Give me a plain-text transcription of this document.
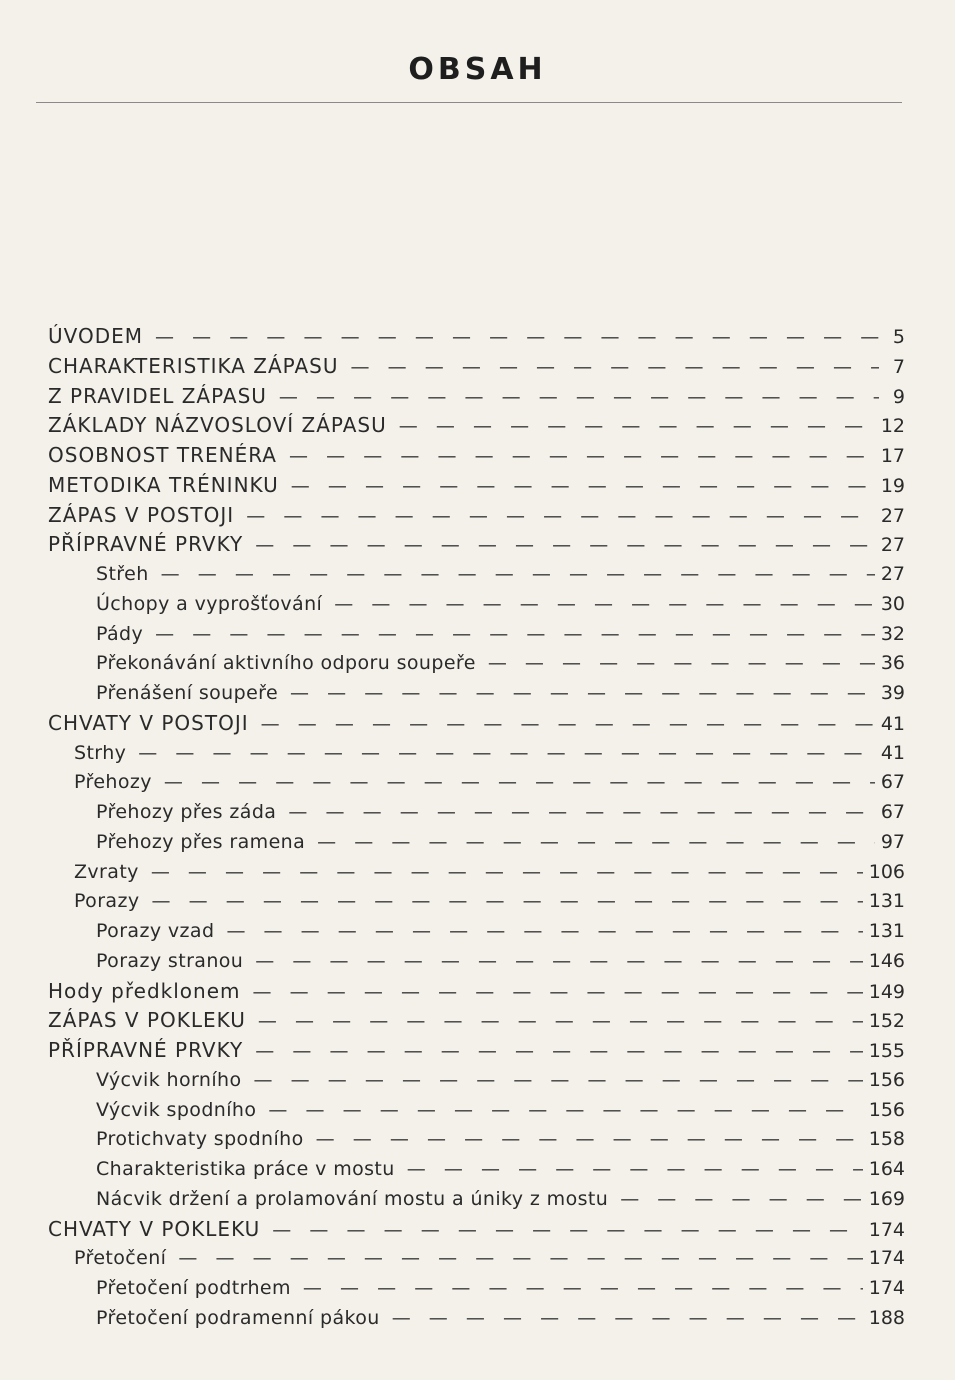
OBSAH
ÚVODEM — —	5
CHARAKTERISTIKA ZÁPASU — —	7
Z PRAVIDEL ZÁPASU — —	9
ZÁKLADY NÁZVOSLOVÍ ZÁPASU — —	12
OSOBNOST TRENÉRA — —	17
METODIKA TRÉNINKU — —	19
ZÁPAS V POSTOJI — —	27
PŘÍPRAVNÉ PRVKY — —	27
Střeh — —	27
Úchopy a vyprošťování — —	30
Pády — —	32
Překonávání aktivního odporu soupeře — —	36
Přenášení soupeře — —	39
CHVATY V POSTOJI — —	41
Strhy — —	41
Přehozy — —	67
Přehozy přes záda — —	67
Přehozy přes ramena — —	97
Zvraty — —	106
Porazy — —	131
Porazy vzad — —	131
Porazy stranou — —	146
Hody předklonem — —	149
ZÁPAS V POKLEKU — —	152
PŘÍPRAVNÉ PRVKY — —	155
Výcvik horního — —	156
Výcvik spodního — —	156
Protichvaty spodního — —	158
Charakteristika práce v mostu — —	164
Nácvik držení a prolamování mostu a úniky z mostu — —	169
CHVATY V POKLEKU — —	174
Přetočení — —	174
Přetočení podtrhem — —	174
Přetočení podramenní pákou — —	188
